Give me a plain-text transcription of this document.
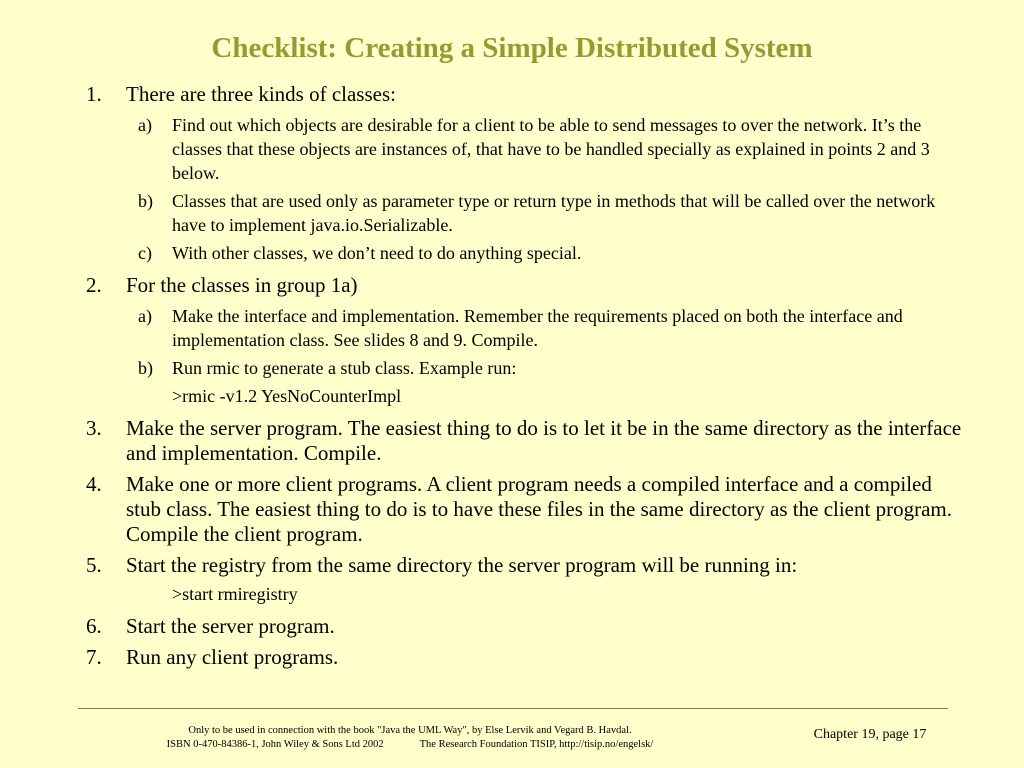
Checklist: Creating a Simple Distributed System
1. There are three kinds of classes:
a) Find out which objects are desirable for a client to be able to send messages to over the network. It’s the classes that these objects are instances of, that have to be handled specially as explained in points 2 and 3 below.
b) Classes that are used only as parameter type or return type in methods that will be called over the network have to implement java.io.Serializable.
c) With other classes, we don’t need to do anything special.
2. For the classes in group 1a)
a) Make the interface and implementation. Remember the requirements placed on both the interface and implementation class. See slides 8 and 9. Compile.
b) Run rmic to generate a stub class. Example run:
>rmic -v1.2 YesNoCounterImpl
3. Make the server program. The easiest thing to do is to let it be in the same directory as the interface and implementation. Compile.
4. Make one or more client programs. A client program needs a compiled interface and a compiled stub class. The easiest thing to do is to have these files in the same directory as the client program. Compile the client program.
5. Start the registry from the same directory the server program will be running in:
>start rmiregistry
6. Start the server program.
7. Run any client programs.
Only to be used in connection with the book "Java the UML Way", by Else Lervik and Vegard B. Havdal.
ISBN 0-470-84386-1, John Wiley & Sons Ltd 2002	The Research Foundation TISIP, http://tisip.no/engelsk/
Chapter 19, page 17
